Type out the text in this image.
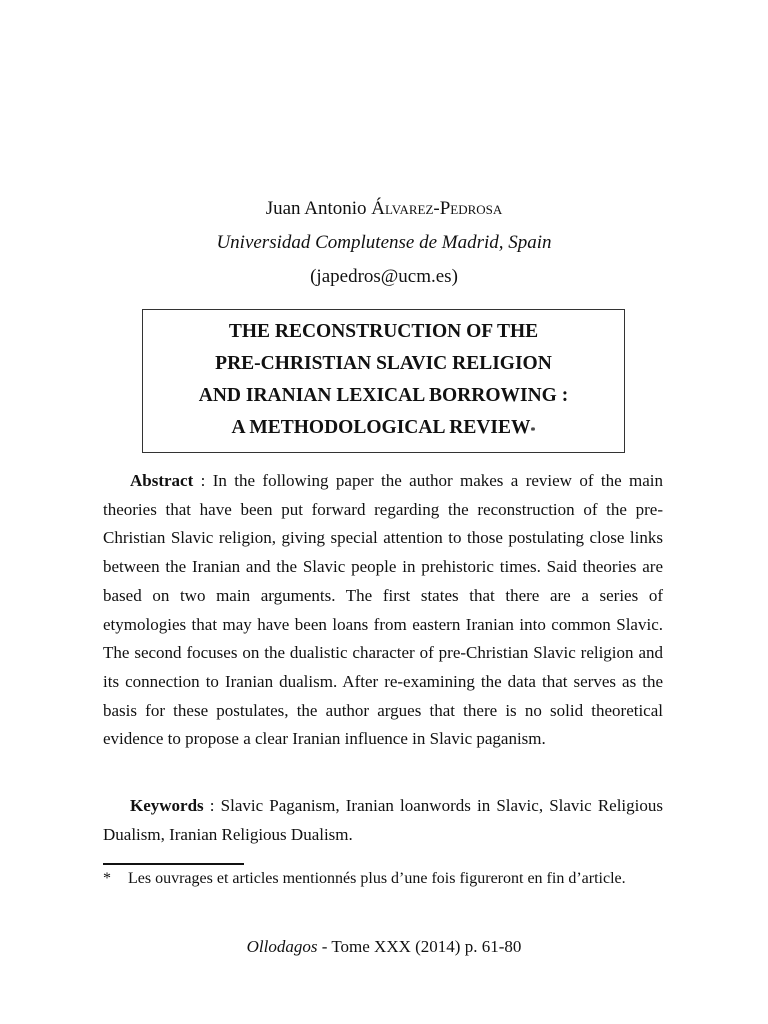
Juan Antonio Álvarez-Pedrosa
Universidad Complutense de Madrid, Spain
(japedros@ucm.es)
THE RECONSTRUCTION OF THE
PRE-CHRISTIAN SLAVIC RELIGION
AND IRANIAN LEXICAL BORROWING :
A METHODOLOGICAL REVIEW*

Abstract : In the following paper the author makes a review of the main theories that have been put forward regarding the reconstruction of the pre-Christian Slavic religion, giving special attention to those postulating close links between the Iranian and the Slavic people in prehistoric times. Said theories are based on two main arguments. The first states that there are a series of etymologies that may have been loans from eastern Iranian into common Slavic. The second focuses on the dualistic character of pre-Christian Slavic religion and its connection to Iranian dualism. After re-examining the data that serves as the basis for these postulates, the author argues that there is no solid theoretical evidence to propose a clear Iranian influence in Slavic paganism.

Keywords : Slavic Paganism, Iranian loanwords in Slavic, Slavic Religious Dualism, Iranian Religious Dualism.

*	Les ouvrages et articles mentionnés plus d’une fois figureront en fin d’article.
Ollodagos - Tome XXX (2014) p. 61-80
